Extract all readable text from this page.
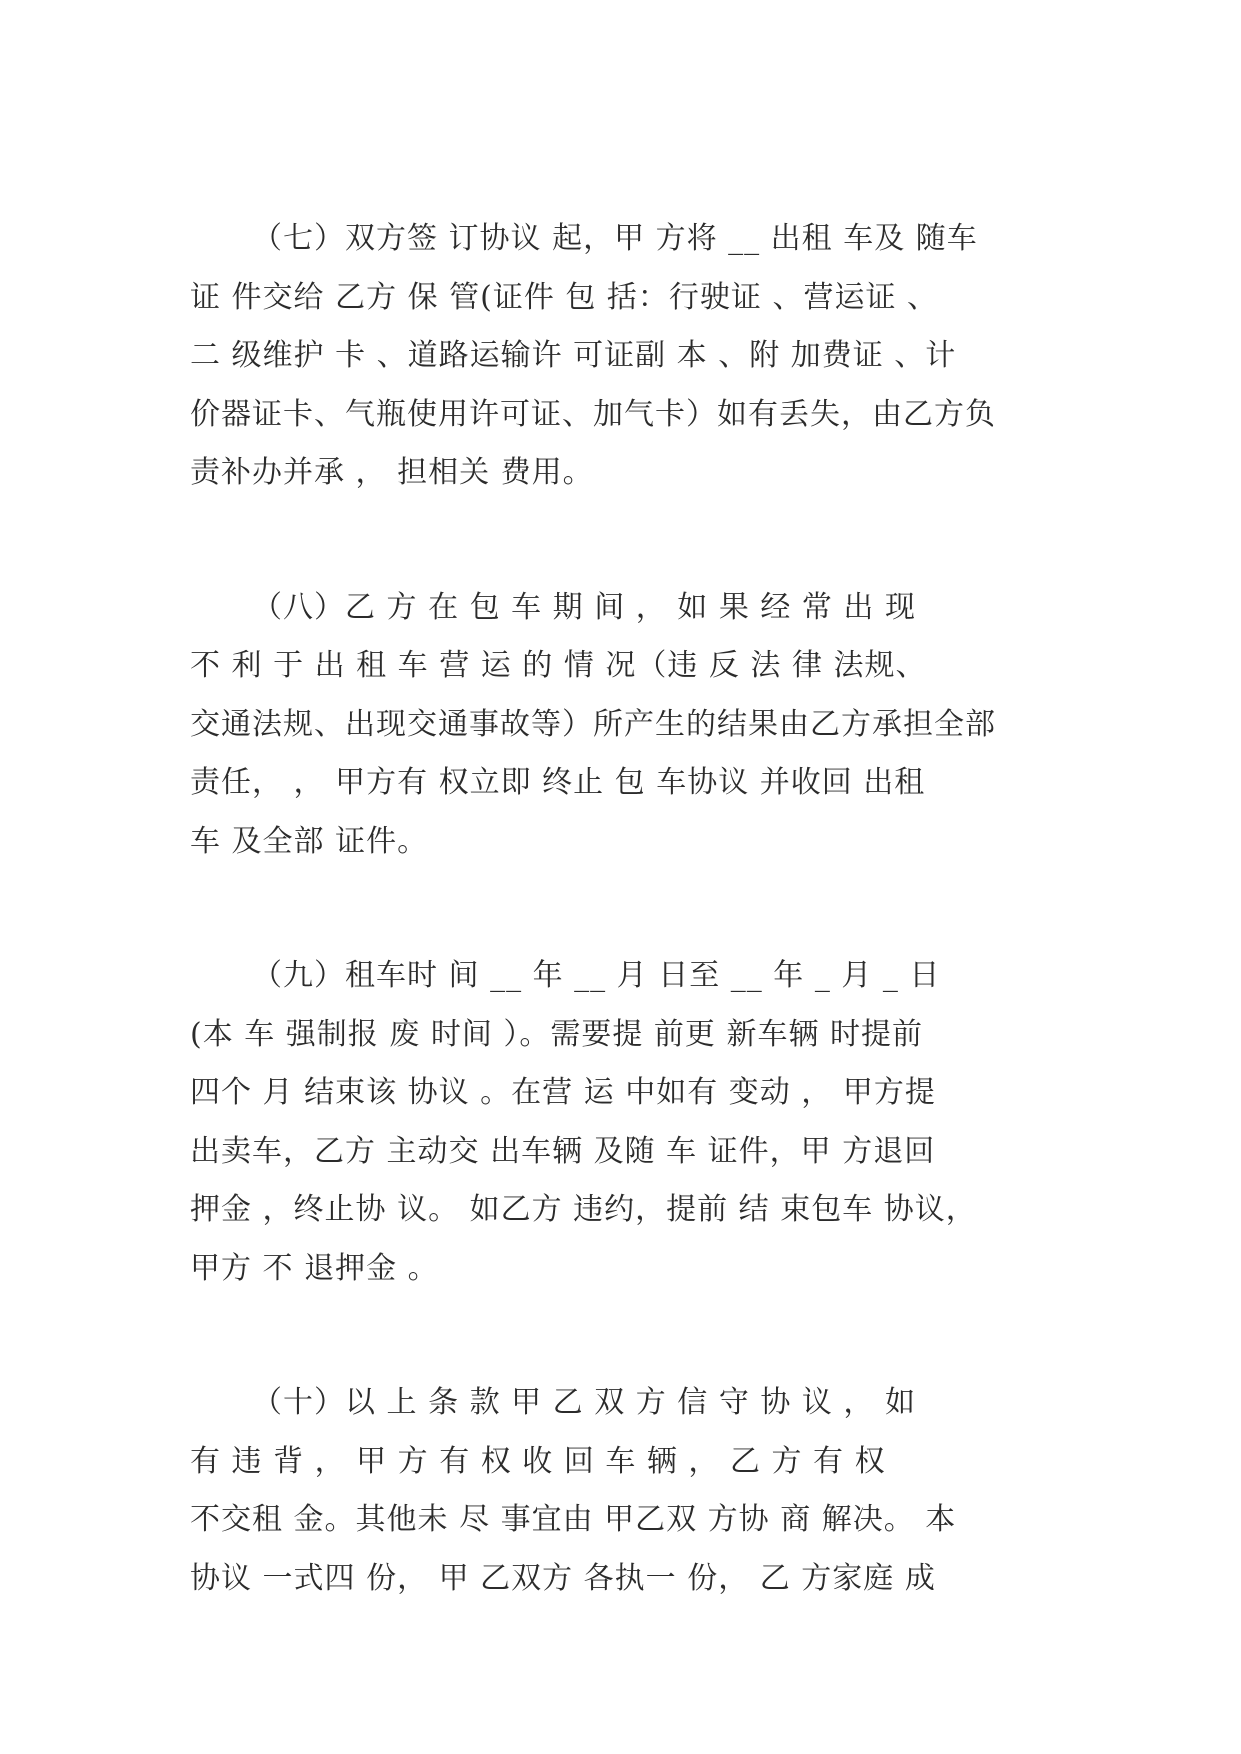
（七）双方签 订协议 起，甲 方将 __ 出租 车及 随车
证 件交给 乙方 保 管(证件 包 括：行驶证 、营运证 、
二 级维护 卡 、道路运输许 可证副 本 、附 加费证 、计
价器证卡、气瓶使用许可证、加气卡）如有丢失，由乙方负
责补办并承 ， 担相关 费用。
（八）乙 方 在 包 车 期 间 ， 如 果 经 常 出 现
不 利 于 出 租 车 营 运 的 情 况（违 反 法 律 法规、
交通法规、出现交通事故等）所产生的结果由乙方承担全部
责任， ， 甲方有 权立即 终止 包 车协议 并收回 出租
车 及全部 证件。
（九）租车时 间 __ 年 __ 月 日至 __ 年 _ 月 _ 日
(本 车 强制报 废 时间 ）。需要提 前更 新车辆 时提前
四个 月 结束该 协议 。在营 运 中如有 变动 ， 甲方提
出卖车，乙方 主动交 出车辆 及随 车 证件，甲 方退回
押金 ，终止协 议。 如乙方 违约，提前 结 束包车 协议，
甲方 不 退押金 。
（十）以 上 条 款 甲 乙 双 方 信 守 协 议 ， 如
有 违 背 ， 甲 方 有 权 收 回 车 辆 ， 乙 方 有 权
不交租 金。其他未 尽 事宜由 甲乙双 方协 商 解决。 本
协议 一式四 份， 甲 乙双方 各执一 份， 乙 方家庭 成
